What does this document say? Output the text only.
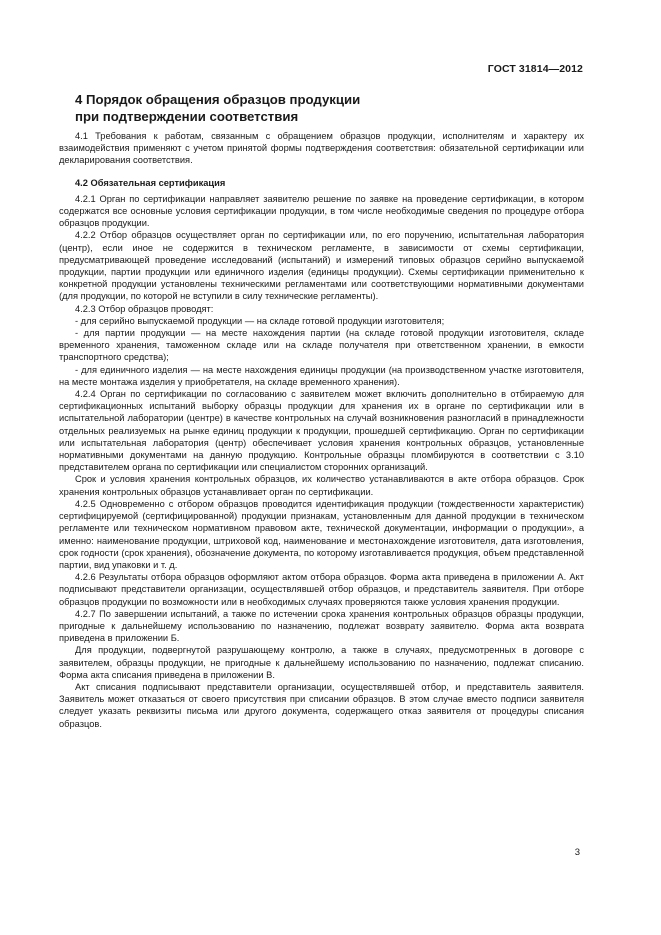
ГОСТ 31814—2012
4 Порядок обращения образцов продукции
при подтверждении соответствия

4.1 Требования к работам, связанным с обращением образцов продукции, исполнителям и характеру их взаимодействия применяют с учетом принятой формы подтверждения соответствия: обязательной сертификации или декларирования соответствия.

4.2 Обязательная сертификация

4.2.1 Орган по сертификации направляет заявителю решение по заявке на проведение сертификации, в котором содержатся все основные условия сертификации продукции, в том числе необходимые сведения по процедуре отбора образцов продукции.

4.2.2 Отбор образцов осуществляет орган по сертификации или, по его поручению, испытательная лаборатория (центр), если иное не содержится в техническом регламенте, в зависимости от схемы сертификации, предусматривающей проведение исследований (испытаний) и измерений типовых образцов серийно выпускаемой продукции, партии продукции или единичного изделия (единицы продукции). Схемы сертификации применительно к конкретной продукции установлены техническими регламентами или соответствующими нормативными документами (для продукции, по которой не вступили в силу технические регламенты).

4.2.3 Отбор образцов проводят:

- для серийно выпускаемой продукции — на складе готовой продукции изготовителя;

- для партии продукции — на месте нахождения партии (на складе готовой продукции изготовителя, складе временного хранения, таможенном складе или на складе получателя при ответственном хранении, в емкости транспортного средства);

- для единичного изделия — на месте нахождения единицы продукции (на производственном участке изготовителя, на месте монтажа изделия у приобретателя, на складе временного хранения).

4.2.4 Орган по сертификации по согласованию с заявителем может включить дополнительно в отбираемую для сертификационных испытаний выборку образцы продукции для хранения их в органе по сертификации или в испытательной лаборатории (центре) в качестве контрольных на случай возникновения разногласий в принадлежности отдельных реализуемых на рынке единиц продукции к продукции, прошедшей сертификацию. Орган по сертификации или испытательная лаборатория (центр) обеспечивает условия хранения контрольных образцов, установленные нормативными документами на данную продукцию. Контрольные образцы пломбируются в соответствии с 3.10 представителем органа по сертификации или специалистом сторонних организаций.

Срок и условия хранения контрольных образцов, их количество устанавливаются в акте отбора образцов. Срок хранения контрольных образцов устанавливает орган по сертификации.

4.2.5 Одновременно с отбором образцов проводится идентификация продукции (тождественности характеристик) сертифицируемой (сертифицированной) продукции признакам, установленным для данной продукции в техническом регламенте или техническом нормативном правовом акте, технической документации, информации о продукции», а именно: наименование продукции, штриховой код, наименование и местонахождение изготовителя, дата изготовления, срок годности (срок хранения), обозначение документа, по которому изготавливается продукция, объем представленной партии, вид упаковки и т. д.

4.2.6 Результаты отбора образцов оформляют актом отбора образцов. Форма акта приведена в приложении А. Акт подписывают представители организации, осуществлявшей отбор образцов, и представитель заявителя. При отборе образцов продукции по возможности или в необходимых случаях проверяются также условия хранения продукции.

4.2.7 По завершении испытаний, а также по истечении срока хранения контрольных образцов образцы продукции, пригодные к дальнейшему использованию по назначению, подлежат возврату заявителю. Форма акта возврата приведена в приложении Б.

Для продукции, подвергнутой разрушающему контролю, а также в случаях, предусмотренных в договоре с заявителем, образцы продукции, не пригодные к дальнейшему использованию по назначению, подлежат списанию. Форма акта списания приведена в приложении В.

Акт списания подписывают представители организации, осуществлявшей отбор, и представитель заявителя. Заявитель может отказаться от своего присутствия при списании образцов. В этом случае вместо подписи заявителя следует указать реквизиты письма или другого документа, содержащего отказ заявителя от процедуры списания образцов.

3
